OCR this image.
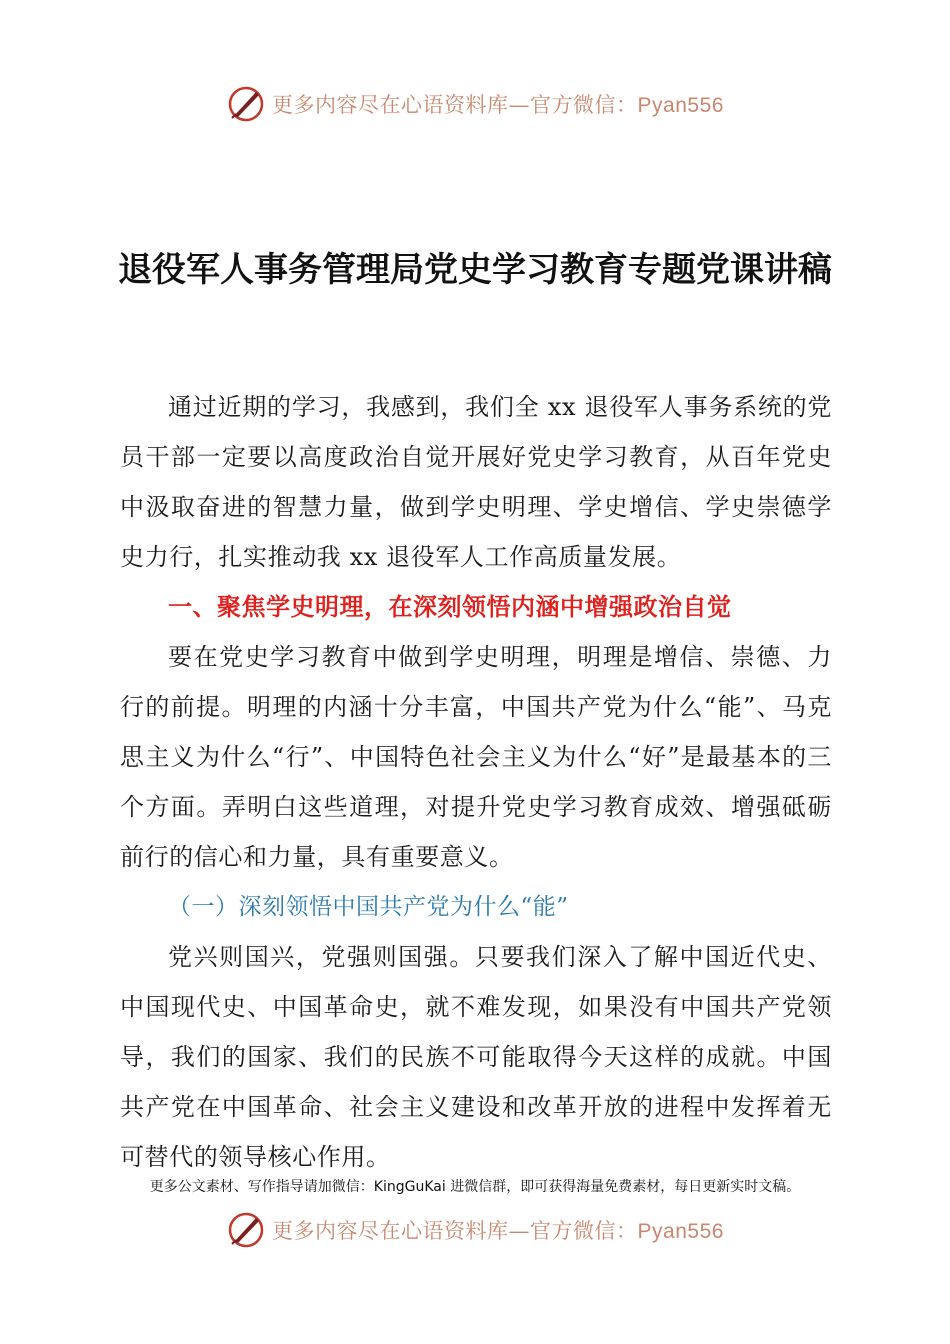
更多内容尽在心语资料库—官方微信：Pyan556
退役军人事务管理局党史学习教育专题党课讲稿

通过近期的学习，我感到，我们全 xx 退役军人事务系统的党员干部一定要以高度政治自觉开展好党史学习教育，从百年党史中汲取奋进的智慧力量，做到学史明理、学史增信、学史崇德学史力行，扎实推动我 xx 退役军人工作高质量发展。

一、聚焦学史明理，在深刻领悟内涵中增强政治自觉

要在党史学习教育中做到学史明理，明理是增信、崇德、力行的前提。明理的内涵十分丰富，中国共产党为什么“能”、马克思主义为什么“行”、中国特色社会主义为什么“好”是最基本的三个方面。弄明白这些道理，对提升党史学习教育成效、增强砥砺前行的信心和力量，具有重要意义。

（一）深刻领悟中国共产党为什么“能”

党兴则国兴，党强则国强。只要我们深入了解中国近代史、中国现代史、中国革命史，就不难发现，如果没有中国共产党领导，我们的国家、我们的民族不可能取得今天这样的成就。中国共产党在中国革命、社会主义建设和改革开放的进程中发挥着无可替代的领导核心作用。

更多公文素材、写作指导请加微信：KingGuKai 进微信群，即可获得海量免费素材，每日更新实时文稿。
更多内容尽在心语资料库—官方微信：Pyan556
